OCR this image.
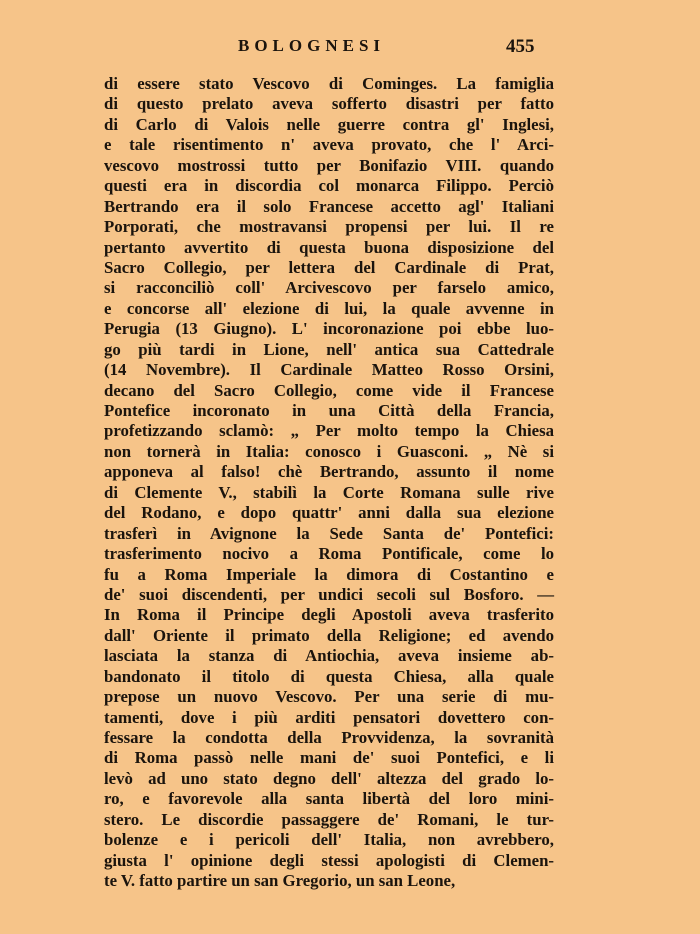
BOLOGNESI	455
di essere stato Vescovo di Cominges. La famiglia
di questo prelato aveva sofferto disastri per fatto
di Carlo di Valois nelle guerre contra gl' Inglesi,
e tale risentimento n' aveva provato, che l' Arci-
vescovo mostrossi tutto per Bonifazio VIII. quando
questi era in discordia col monarca Filippo. Perciò
Bertrando era il solo Francese accetto agl' Italiani
Porporati, che mostravansi propensi per lui. Il re
pertanto avvertito di questa buona disposizione del
Sacro Collegio, per lettera del Cardinale di Prat,
si racconciliò coll' Arcivescovo per farselo amico,
e concorse all' elezione di lui, la quale avvenne in
Perugia (13 Giugno). L' incoronazione poi ebbe luo-
go più tardi in Lione, nell' antica sua Cattedrale
(14 Novembre). Il Cardinale Matteo Rosso Orsini,
decano del Sacro Collegio, come vide il Francese
Pontefice incoronato in una Città della Francia,
profetizzando sclamò: „ Per molto tempo la Chiesa
non tornerà in Italia: conosco i Guasconi. „ Nè si
apponeva al falso! chè Bertrando, assunto il nome
di Clemente V., stabilì la Corte Romana sulle rive
del Rodano, e dopo quattr' anni dalla sua elezione
trasferì in Avignone la Sede Santa de' Pontefici:
trasferimento nocivo a Roma Pontificale, come lo
fu a Roma Imperiale la dimora di Costantino e
de' suoi discendenti, per undici secoli sul Bosforo. —
In Roma il Principe degli Apostoli aveva trasferito
dall' Oriente il primato della Religione; ed avendo
lasciata la stanza di Antiochia, aveva insieme ab-
bandonato il titolo di questa Chiesa, alla quale
prepose un nuovo Vescovo. Per una serie di mu-
tamenti, dove i più arditi pensatori dovettero con-
fessare la condotta della Provvidenza, la sovranità
di Roma passò nelle mani de' suoi Pontefici, e li
levò ad uno stato degno dell' altezza del grado lo-
ro, e favorevole alla santa libertà del loro mini-
stero. Le discordie passaggere de' Romani, le tur-
bolenze e i pericoli dell' Italia, non avrebbero,
giusta l' opinione degli stessi apologisti di Clemen-
te V. fatto partire un san Gregorio, un san Leone,
